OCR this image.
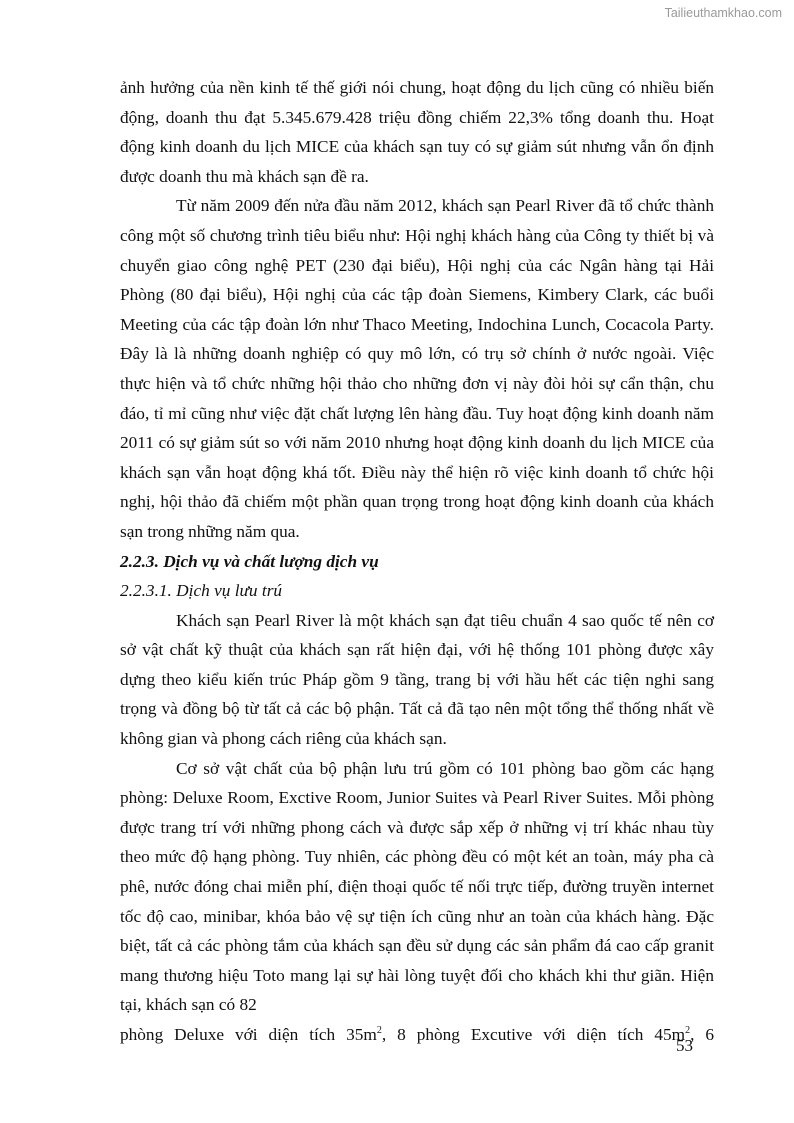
Tailieuthamkhao.com

ảnh hưởng của nền kinh tế thế giới nói chung, hoạt động du lịch cũng có nhiều biến động, doanh thu đạt 5.345.679.428 triệu đồng chiếm 22,3% tổng doanh thu. Hoạt động kinh doanh du lịch MICE của khách sạn tuy có sự giảm sút nhưng vẫn ổn định được doanh thu mà khách sạn đề ra.

Từ năm 2009 đến nửa đầu năm 2012, khách sạn Pearl River đã tổ chức thành công một số chương trình tiêu biểu như: Hội nghị khách hàng của Công ty thiết bị và chuyển giao công nghệ PET (230 đại biểu), Hội nghị của các Ngân hàng tại Hải Phòng (80 đại biểu), Hội nghị của các tập đoàn Siemens, Kimbery Clark, các buổi Meeting của các tập đoàn lớn như Thaco Meeting, Indochina Lunch, Cocacola Party. Đây là là những doanh nghiệp có quy mô lớn, có trụ sở chính ở nước ngoài. Việc thực hiện và tổ chức những hội thảo cho những đơn vị này đòi hỏi sự cẩn thận, chu đáo, tỉ mỉ cũng như việc đặt chất lượng lên hàng đầu. Tuy hoạt động kinh doanh năm 2011 có sự giảm sút so với năm 2010 nhưng hoạt động kinh doanh du lịch MICE của khách sạn vẫn hoạt động khá tốt. Điều này thể hiện rõ việc kinh doanh tổ chức hội nghị, hội thảo đã chiếm một phần quan trọng trong hoạt động kinh doanh của khách sạn trong những năm qua.

2.2.3. Dịch vụ và chất lượng dịch vụ

2.2.3.1. Dịch vụ lưu trú

Khách sạn Pearl River là một khách sạn đạt tiêu chuẩn 4 sao quốc tế nên cơ sở vật chất kỹ thuật của khách sạn rất hiện đại, với hệ thống 101 phòng được xây dựng theo kiểu kiến trúc Pháp gồm 9 tầng, trang bị với hầu hết các tiện nghi sang trọng và đồng bộ từ tất cả các bộ phận. Tất cả đã tạo nên một tổng thể thống nhất về không gian và phong cách riêng của khách sạn.

Cơ sở vật chất của bộ phận lưu trú gồm có 101 phòng bao gồm các hạng phòng: Deluxe Room, Exctive Room, Junior Suites và Pearl River Suites. Mỗi phòng được trang trí với những phong cách và được sắp xếp ở những vị trí khác nhau tùy theo mức độ hạng phòng. Tuy nhiên, các phòng đều có một két an toàn, máy pha cà phê, nước đóng chai miễn phí, điện thoại quốc tế nối trực tiếp, đường truyền internet tốc độ cao, minibar, khóa bảo vệ sự tiện ích cũng như an toàn của khách hàng. Đặc biệt, tất cả các phòng tắm của khách sạn đều sử dụng các sản phẩm đá cao cấp granit mang thương hiệu Toto mang lại sự hài lòng tuyệt đối cho khách khi thư giãn. Hiện tại, khách sạn có 82

phòng Deluxe với diện tích $35m^2$, 8 phòng Excutive với diện tích $45m^2$, 6

53
